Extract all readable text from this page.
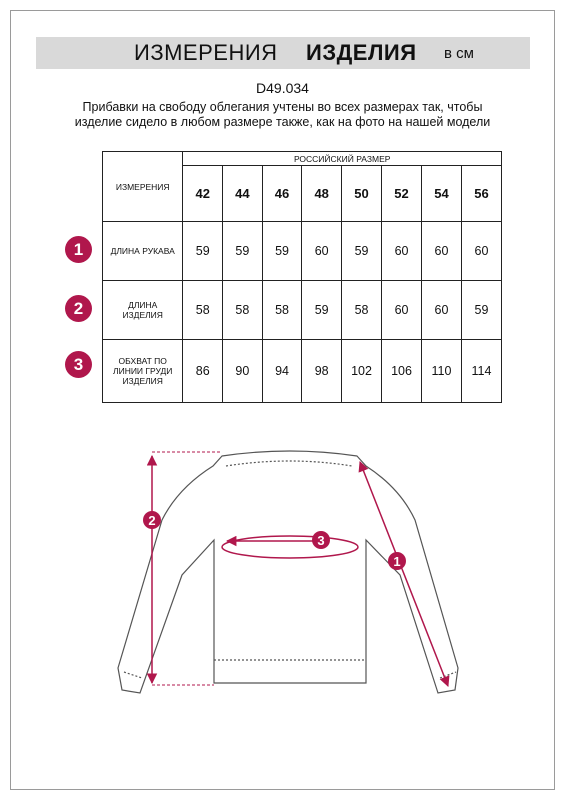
ИЗМЕРЕНИЯ ИЗДЕЛИЯ в см
D49.034
Прибавки на свободу облегания учтены во всех размерах так, чтобы изделие сидело в любом размере также, как на фото на нашей модели
ИЗМЕРЕНИЯ	РОССИЙСКИЙ РАЗМЕР							
	42	44	46	48	50	52	54	56
ДЛИНА РУКАВА	59	59	59	60	59	60	60	60
ДЛИНА ИЗДЕЛИЯ	58	58	58	59	58	60	60	59
ОБХВАТ ПО ЛИНИИ ГРУДИ ИЗДЕЛИЯ	86	90	94	98	102	106	110	114
1
2
3
2
3
1
